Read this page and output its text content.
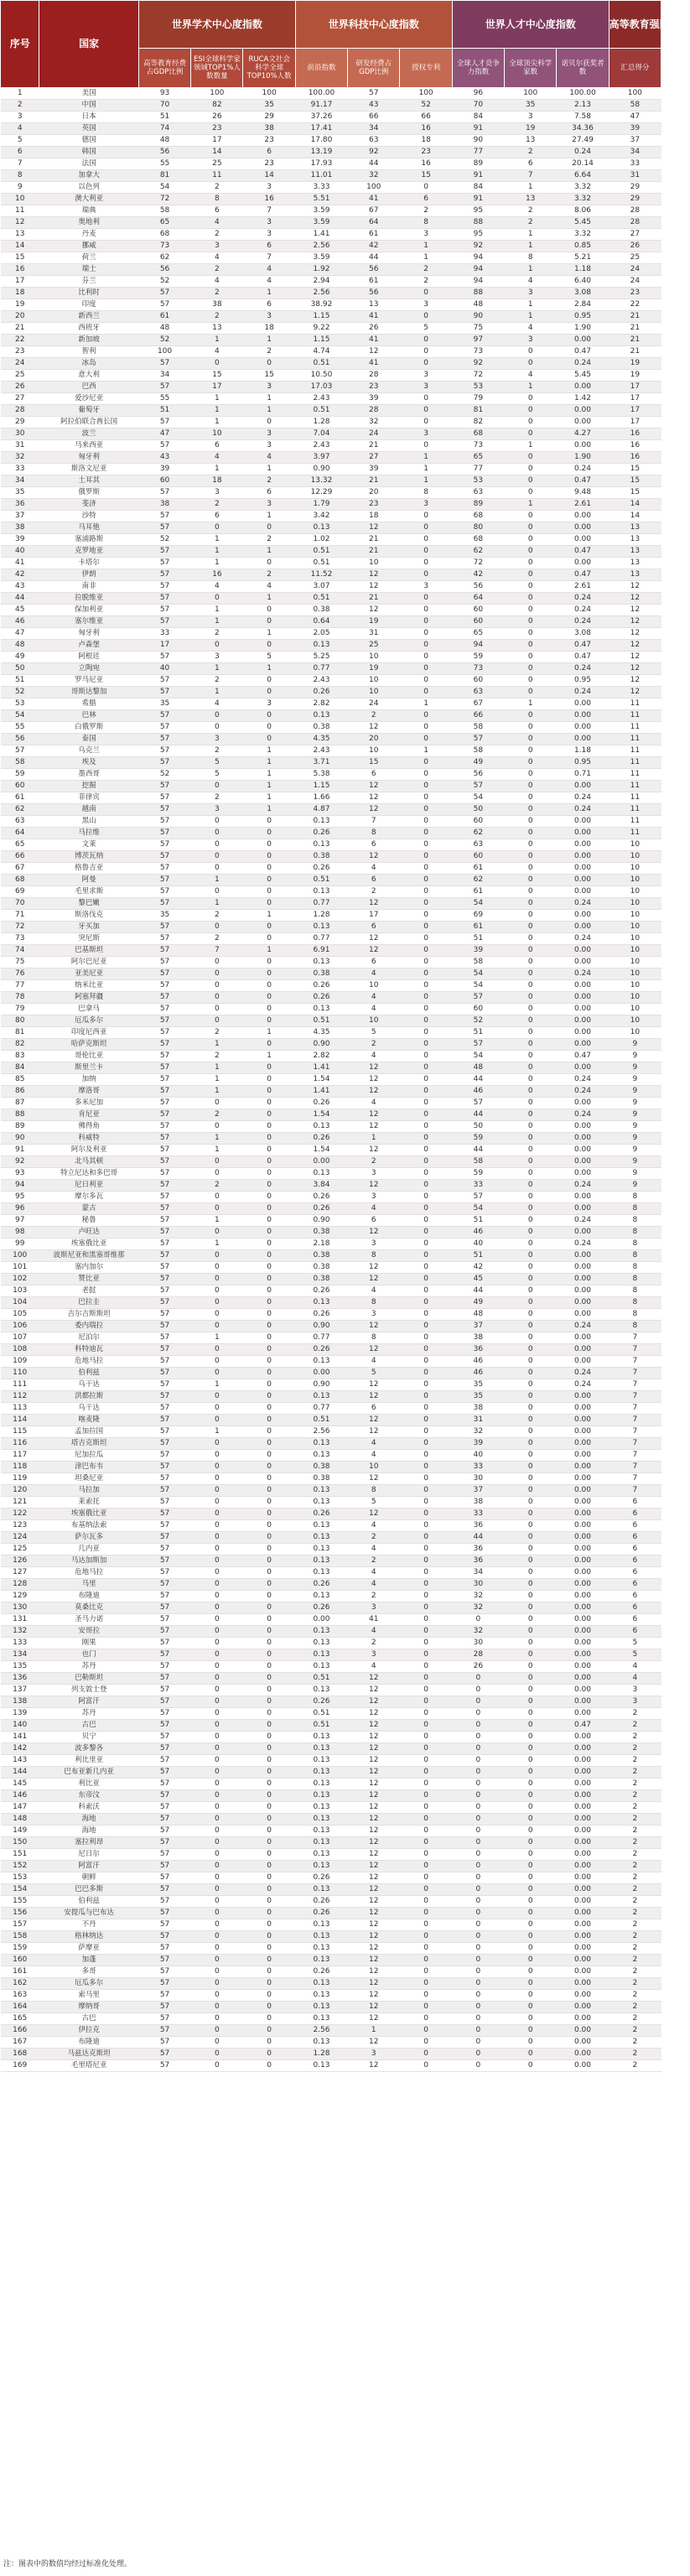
序号	国家	世界学术中心度指数			世界科技中心度指数			世界人才中心度指数			高等教育强国指数
		高等教育经费占GDP比例	ESI全球科学家领域TOP1%人数数量	RUCA文社会科学全球TOP10%人数	前沿指数	研发经费占GDP比例	授权专利	全球人才竞争力指数	全球顶尖科学家数	诺贝尔获奖者数	汇总得分
1	美国	93	100	100	100.00	57	100	96	100	100.00	100
2	中国	70	82	35	91.17	43	52	70	35	2.13	58
3	日本	51	26	29	37.26	66	66	84	3	7.58	47
4	英国	74	23	38	17.41	34	16	91	19	34.36	39
5	德国	48	17	23	17.80	63	18	90	13	27.49	37
6	韩国	56	14	6	13.19	92	23	77	2	0.24	34
7	法国	55	25	23	17.93	44	16	89	6	20.14	33
8	加拿大	81	11	14	11.01	32	15	91	7	6.64	31
9	以色列	54	2	3	3.33	100	0	84	1	3.32	29
10	澳大利亚	72	8	16	5.51	41	6	91	13	3.32	29
11	瑞典	58	6	7	3.59	67	2	95	2	8.06	28
12	奥地利	65	4	3	3.59	64	8	88	2	5.45	28
13	丹麦	68	2	3	1.41	61	3	95	1	3.32	27
14	挪威	73	3	6	2.56	42	1	92	1	0.85	26
15	荷兰	62	4	7	3.59	44	1	94	8	5.21	25
16	瑞士	56	2	4	1.92	56	2	94	1	1.18	24
17	芬兰	52	4	4	2.94	61	2	94	4	6.40	24
18	比利时	57	2	1	2.56	56	0	88	3	3.08	23
19	印度	57	38	6	38.92	13	3	48	1	2.84	22
20	新西兰	61	2	3	1.15	41	0	90	1	0.95	21
21	西班牙	48	13	18	9.22	26	5	75	4	1.90	21
22	新加坡	52	1	1	1.15	41	0	97	3	0.00	21
23	智利	100	4	2	4.74	12	0	73	0	0.47	21
24	冰岛	57	0	0	0.51	41	0	92	0	0.24	19
25	意大利	34	15	15	10.50	28	3	72	4	5.45	19
26	巴西	57	17	3	17.03	23	3	53	1	0.00	17
27	爱沙尼亚	55	1	1	2.43	39	0	79	0	1.42	17
28	葡萄牙	51	1	1	0.51	28	0	81	0	0.00	17
29	阿拉伯联合酋长国	57	1	0	1.28	32	0	82	0	0.00	17
30	波兰	47	10	3	7.04	24	3	68	0	4.27	16
31	马来西亚	57	6	3	2.43	21	0	73	1	0.00	16
32	匈牙利	43	4	4	3.97	27	1	65	0	1.90	16
33	斯洛文尼亚	39	1	1	0.90	39	1	77	0	0.24	15
34	土耳其	60	18	2	13.32	21	1	53	0	0.47	15
35	俄罗斯	57	3	6	12.29	20	8	63	0	9.48	15
36	斐济	38	2	3	1.79	23	3	89	1	2.61	14
37	沙特	57	6	1	3.42	18	0	68	0	0.00	14
38	马耳他	57	0	0	0.13	12	0	80	0	0.00	13
39	塞浦路斯	52	1	2	1.02	21	0	68	0	0.00	13
40	克罗地亚	57	1	1	0.51	21	0	62	0	0.47	13
41	卡塔尔	57	1	0	0.51	10	0	72	0	0.00	13
42	伊朗	57	16	2	11.52	12	0	42	0	0.47	13
43	南非	57	4	4	3.07	12	3	56	0	2.61	12
44	拉脱维亚	57	0	1	0.51	21	0	64	0	0.24	12
45	保加利亚	57	1	0	0.38	12	0	60	0	0.24	12
46	塞尔维亚	57	1	0	0.64	19	0	60	0	0.24	12
47	匈牙利	33	2	1	2.05	31	0	65	0	3.08	12
48	卢森堡	17	0	0	0.13	25	0	94	0	0.47	12
49	阿根廷	57	3	5	5.25	10	0	59	0	0.47	12
50	立陶宛	40	1	1	0.77	19	0	73	0	0.24	12
51	罗马尼亚	57	2	0	2.43	10	0	60	0	0.95	12
52	哥斯达黎加	57	1	0	0.26	10	0	63	0	0.24	12
53	希腊	35	4	3	2.82	24	1	67	1	0.00	11
54	巴林	57	0	0	0.13	2	0	66	0	0.00	11
55	白俄罗斯	57	0	0	0.38	12	0	58	0	0.00	11
56	泰国	57	3	0	4.35	20	0	57	0	0.00	11
57	乌克兰	57	2	1	2.43	10	1	58	0	1.18	11
58	埃及	57	5	1	3.71	15	0	49	0	0.95	11
59	墨西哥	52	5	1	5.38	6	0	56	0	0.71	11
60	挖掘	57	0	1	1.15	12	0	57	0	0.00	11
61	菲律宾	57	2	1	1.66	12	0	54	0	0.24	11
62	越南	57	3	1	4.87	12	0	50	0	0.24	11
63	黑山	57	0	0	0.13	7	0	60	0	0.00	11
64	马拉维	57	0	0	0.26	8	0	62	0	0.00	11
65	文莱	57	0	0	0.13	6	0	63	0	0.00	10
66	博茨瓦纳	57	0	0	0.38	12	0	60	0	0.00	10
67	格鲁吉亚	57	0	0	0.26	4	0	61	0	0.00	10
68	阿曼	57	1	0	0.51	6	0	62	0	0.00	10
69	毛里求斯	57	0	0	0.13	2	0	61	0	0.00	10
70	黎巴嫩	57	1	0	0.77	12	0	54	0	0.24	10
71	斯洛伐克	35	2	1	1.28	17	0	69	0	0.00	10
72	牙买加	57	0	0	0.13	6	0	61	0	0.00	10
73	突尼斯	57	2	0	0.77	12	0	51	0	0.24	10
74	巴基斯坦	57	7	1	6.91	12	0	39	0	0.00	10
75	阿尔巴尼亚	57	0	0	0.13	6	0	58	0	0.00	10
76	亚美尼亚	57	0	0	0.38	4	0	54	0	0.24	10
77	纳米比亚	57	0	0	0.26	10	0	54	0	0.00	10
78	阿塞拜疆	57	0	0	0.26	4	0	57	0	0.00	10
79	巴拿马	57	0	0	0.13	4	0	60	0	0.00	10
80	厄瓜多尔	57	0	0	0.51	10	0	52	0	0.00	10
81	印度尼西亚	57	2	1	4.35	5	0	51	0	0.00	10
82	哈萨克斯坦	57	1	0	0.90	2	0	57	0	0.00	9
83	哥伦比亚	57	2	1	2.82	4	0	54	0	0.47	9
84	斯里兰卡	57	1	0	1.41	12	0	48	0	0.00	9
85	加纳	57	1	0	1.54	12	0	44	0	0.24	9
86	摩洛哥	57	1	0	1.41	12	0	46	0	0.24	9
87	多米尼加	57	0	0	0.26	4	0	57	0	0.00	9
88	肯尼亚	57	2	0	1.54	12	0	44	0	0.24	9
89	佛得角	57	0	0	0.13	12	0	50	0	0.00	9
90	科威特	57	1	0	0.26	1	0	59	0	0.00	9
91	阿尔及利亚	57	1	0	1.54	12	0	44	0	0.00	9
92	北马其顿	57	0	0	0.00	2	0	58	0	0.00	9
93	特立尼达和多巴哥	57	0	0	0.13	3	0	59	0	0.00	9
94	尼日利亚	57	2	0	3.84	12	0	33	0	0.24	9
95	摩尔多瓦	57	0	0	0.26	3	0	57	0	0.00	8
96	蒙古	57	0	0	0.26	4	0	54	0	0.00	8
97	秘鲁	57	1	0	0.90	6	0	51	0	0.24	8
98	卢旺达	57	0	0	0.38	12	0	46	0	0.00	8
99	埃塞俄比亚	57	1	0	2.18	3	0	40	0	0.24	8
100	波斯尼亚和黑塞哥维那	57	0	0	0.38	8	0	51	0	0.00	8
101	塞内加尔	57	0	0	0.38	12	0	42	0	0.00	8
102	赞比亚	57	0	0	0.38	12	0	45	0	0.00	8
103	老挝	57	0	0	0.26	4	0	44	0	0.00	8
104	巴拉圭	57	0	0	0.13	8	0	49	0	0.00	8
105	吉尔吉斯斯坦	57	0	0	0.26	3	0	48	0	0.00	8
106	委内瑞拉	57	0	0	0.90	12	0	37	0	0.24	8
107	尼泊尔	57	1	0	0.77	8	0	38	0	0.00	7
108	科特迪瓦	57	0	0	0.26	12	0	36	0	0.00	7
109	危地马拉	57	0	0	0.13	4	0	46	0	0.00	7
110	伯利兹	57	0	0	0.00	5	0	46	0	0.24	7
111	乌干达	57	1	0	0.90	12	0	35	0	0.24	7
112	洪都拉斯	57	0	0	0.13	12	0	35	0	0.00	7
113	乌干达	57	0	0	0.77	6	0	38	0	0.00	7
114	喀麦隆	57	0	0	0.51	12	0	31	0	0.00	7
115	孟加拉国	57	1	0	2.56	12	0	32	0	0.00	7
116	塔吉克斯坦	57	0	0	0.13	4	0	39	0	0.00	7
117	尼加拉瓜	57	0	0	0.13	4	0	40	0	0.00	7
118	津巴布韦	57	0	0	0.38	10	0	33	0	0.00	7
119	坦桑尼亚	57	0	0	0.38	12	0	30	0	0.00	7
120	马拉加	57	0	0	0.13	8	0	37	0	0.00	7
121	莱索托	57	0	0	0.13	5	0	38	0	0.00	6
122	埃塞俄比亚	57	0	0	0.26	12	0	33	0	0.00	6
123	布基纳法索	57	0	0	0.13	4	0	36	0	0.00	6
124	萨尔瓦多	57	0	0	0.13	2	0	44	0	0.00	6
125	几内亚	57	0	0	0.13	4	0	36	0	0.00	6
126	马达加斯加	57	0	0	0.13	2	0	36	0	0.00	6
127	危地马拉	57	0	0	0.13	4	0	34	0	0.00	6
128	马里	57	0	0	0.26	4	0	30	0	0.00	6
129	布隆迪	57	0	0	0.13	2	0	32	0	0.00	6
130	莫桑比克	57	0	0	0.26	3	0	32	0	0.00	6
131	圣马力诺	57	0	0	0.00	41	0	0	0	0.00	6
132	安哥拉	57	0	0	0.13	4	0	32	0	0.00	6
133	刚果	57	0	0	0.13	2	0	30	0	0.00	5
134	也门	57	0	0	0.13	3	0	28	0	0.00	5
135	苏丹	57	0	0	0.13	4	0	26	0	0.00	4
136	巴勒斯坦	57	0	0	0.51	12	0	0	0	0.00	4
137	列支敦士登	57	0	0	0.13	12	0	0	0	0.00	3
138	阿富汗	57	0	0	0.26	12	0	0	0	0.00	3
139	苏丹	57	0	0	0.51	12	0	0	0	0.00	2
140	古巴	57	0	0	0.51	12	0	0	0	0.47	2
141	贝宁	57	0	0	0.13	12	0	0	0	0.00	2
142	波多黎各	57	0	0	0.13	12	0	0	0	0.00	2
143	利比里亚	57	0	0	0.13	12	0	0	0	0.00	2
144	巴布亚新几内亚	57	0	0	0.13	12	0	0	0	0.00	2
145	利比亚	57	0	0	0.13	12	0	0	0	0.00	2
146	东帝汶	57	0	0	0.13	12	0	0	0	0.00	2
147	科索沃	57	0	0	0.13	12	0	0	0	0.00	2
148	海地	57	0	0	0.13	12	0	0	0	0.00	2
149	海地	57	0	0	0.13	12	0	0	0	0.00	2
150	塞拉利昂	57	0	0	0.13	12	0	0	0	0.00	2
151	尼日尔	57	0	0	0.13	12	0	0	0	0.00	2
152	阿富汗	57	0	0	0.13	12	0	0	0	0.00	2
153	朝鲜	57	0	0	0.26	12	0	0	0	0.00	2
154	巴巴多斯	57	0	0	0.13	12	0	0	0	0.00	2
155	伯利兹	57	0	0	0.26	12	0	0	0	0.00	2
156	安提瓜与巴布达	57	0	0	0.26	12	0	0	0	0.00	2
157	不丹	57	0	0	0.13	12	0	0	0	0.00	2
158	格林纳达	57	0	0	0.13	12	0	0	0	0.00	2
159	萨摩亚	57	0	0	0.13	12	0	0	0	0.00	2
160	加蓬	57	0	0	0.13	12	0	0	0	0.00	2
161	多哥	57	0	0	0.26	12	0	0	0	0.00	2
162	厄瓜多尔	57	0	0	0.13	12	0	0	0	0.00	2
163	索马里	57	0	0	0.13	12	0	0	0	0.00	2
164	摩纳哥	57	0	0	0.13	12	0	0	0	0.00	2
165	古巴	57	0	0	0.13	12	0	0	0	0.00	2
166	伊拉克	57	0	0	2.56	1	0	0	0	0.00	2
167	布隆迪	57	0	0	0.13	12	0	0	0	0.00	2
168	马兹达克斯坦	57	0	0	1.28	3	0	0	0	0.00	2
169	毛里塔尼亚	57	0	0	0.13	12	0	0	0	0.00	2
注：图表中的数值均经过标准化处理。
